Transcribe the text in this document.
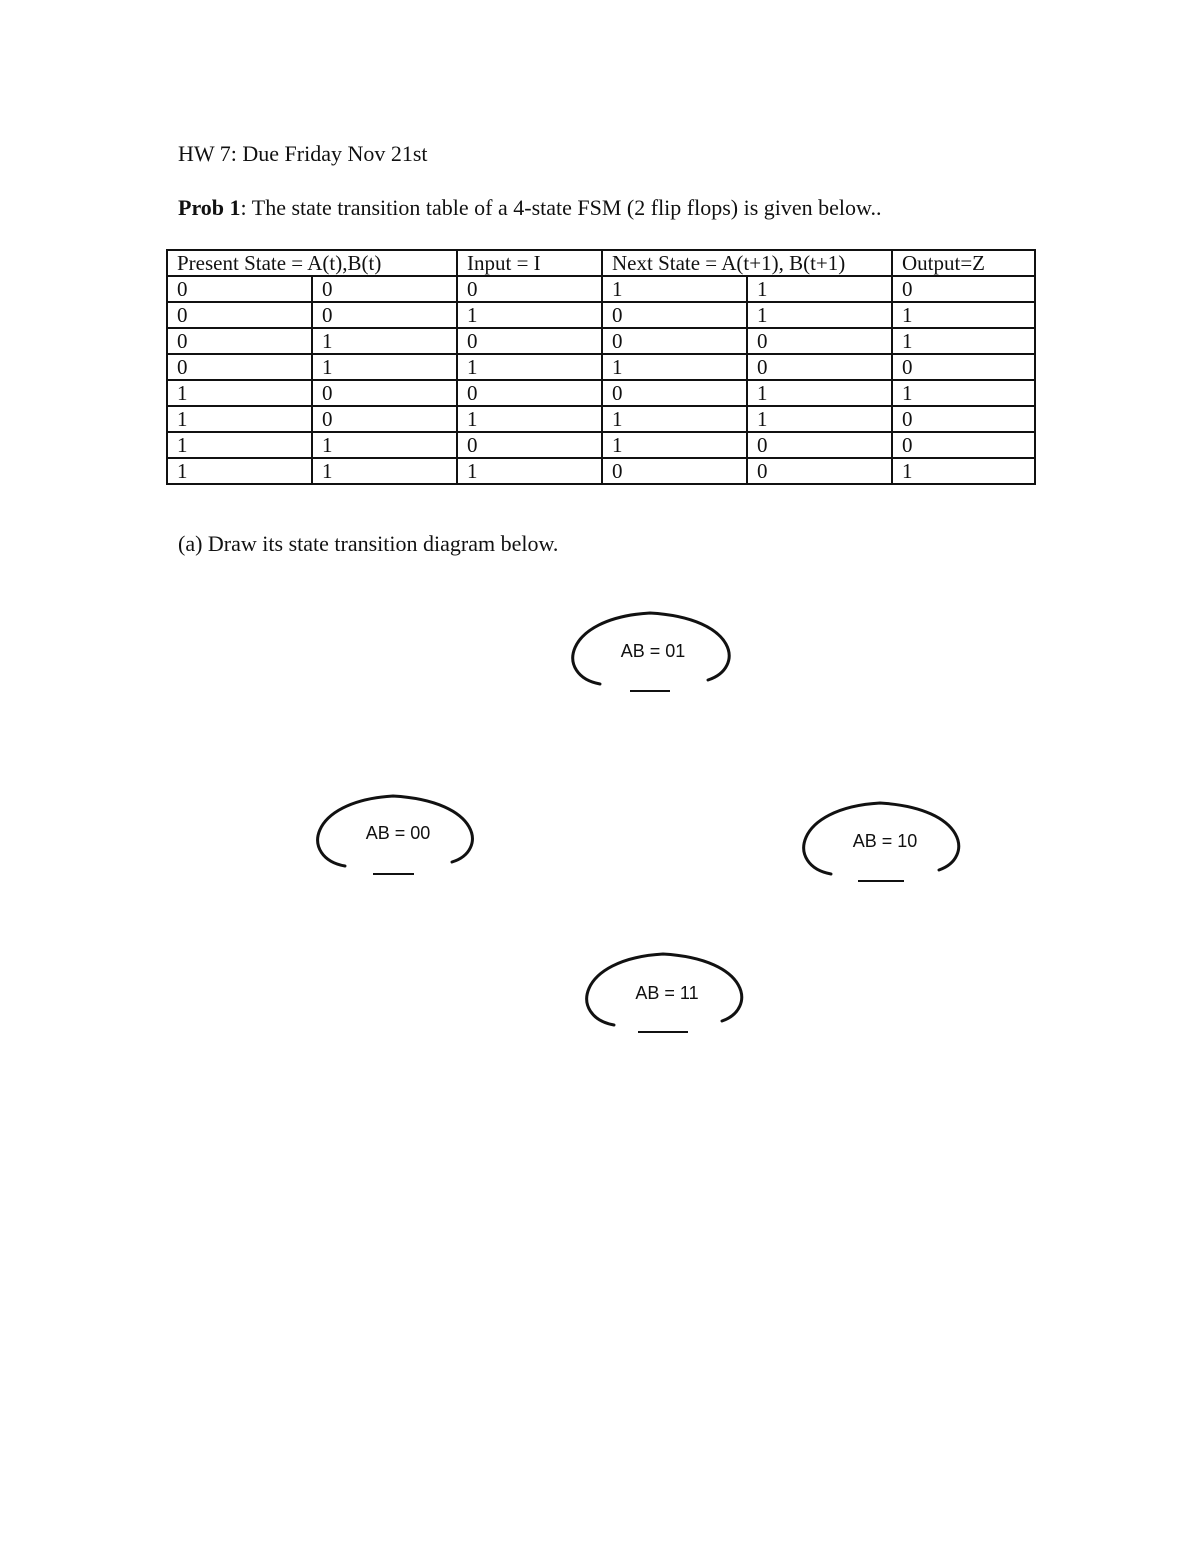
HW 7: Due Friday Nov 21st
Prob 1: The state transition table of a 4-state FSM (2 flip flops) is given below..
Present State = A(t),B(t)		Input = I	Next State = A(t+1), B(t+1)		Output=Z
0	0	0	1	1	0
0	0	1	0	1	1
0	1	0	0	0	1
0	1	1	1	0	0
1	0	0	0	1	1
1	0	1	1	1	0
1	1	0	1	0	0
1	1	1	0	0	1
(a) Draw its state transition diagram below.
AB = 01
AB = 00	AB = 10
AB = 11
